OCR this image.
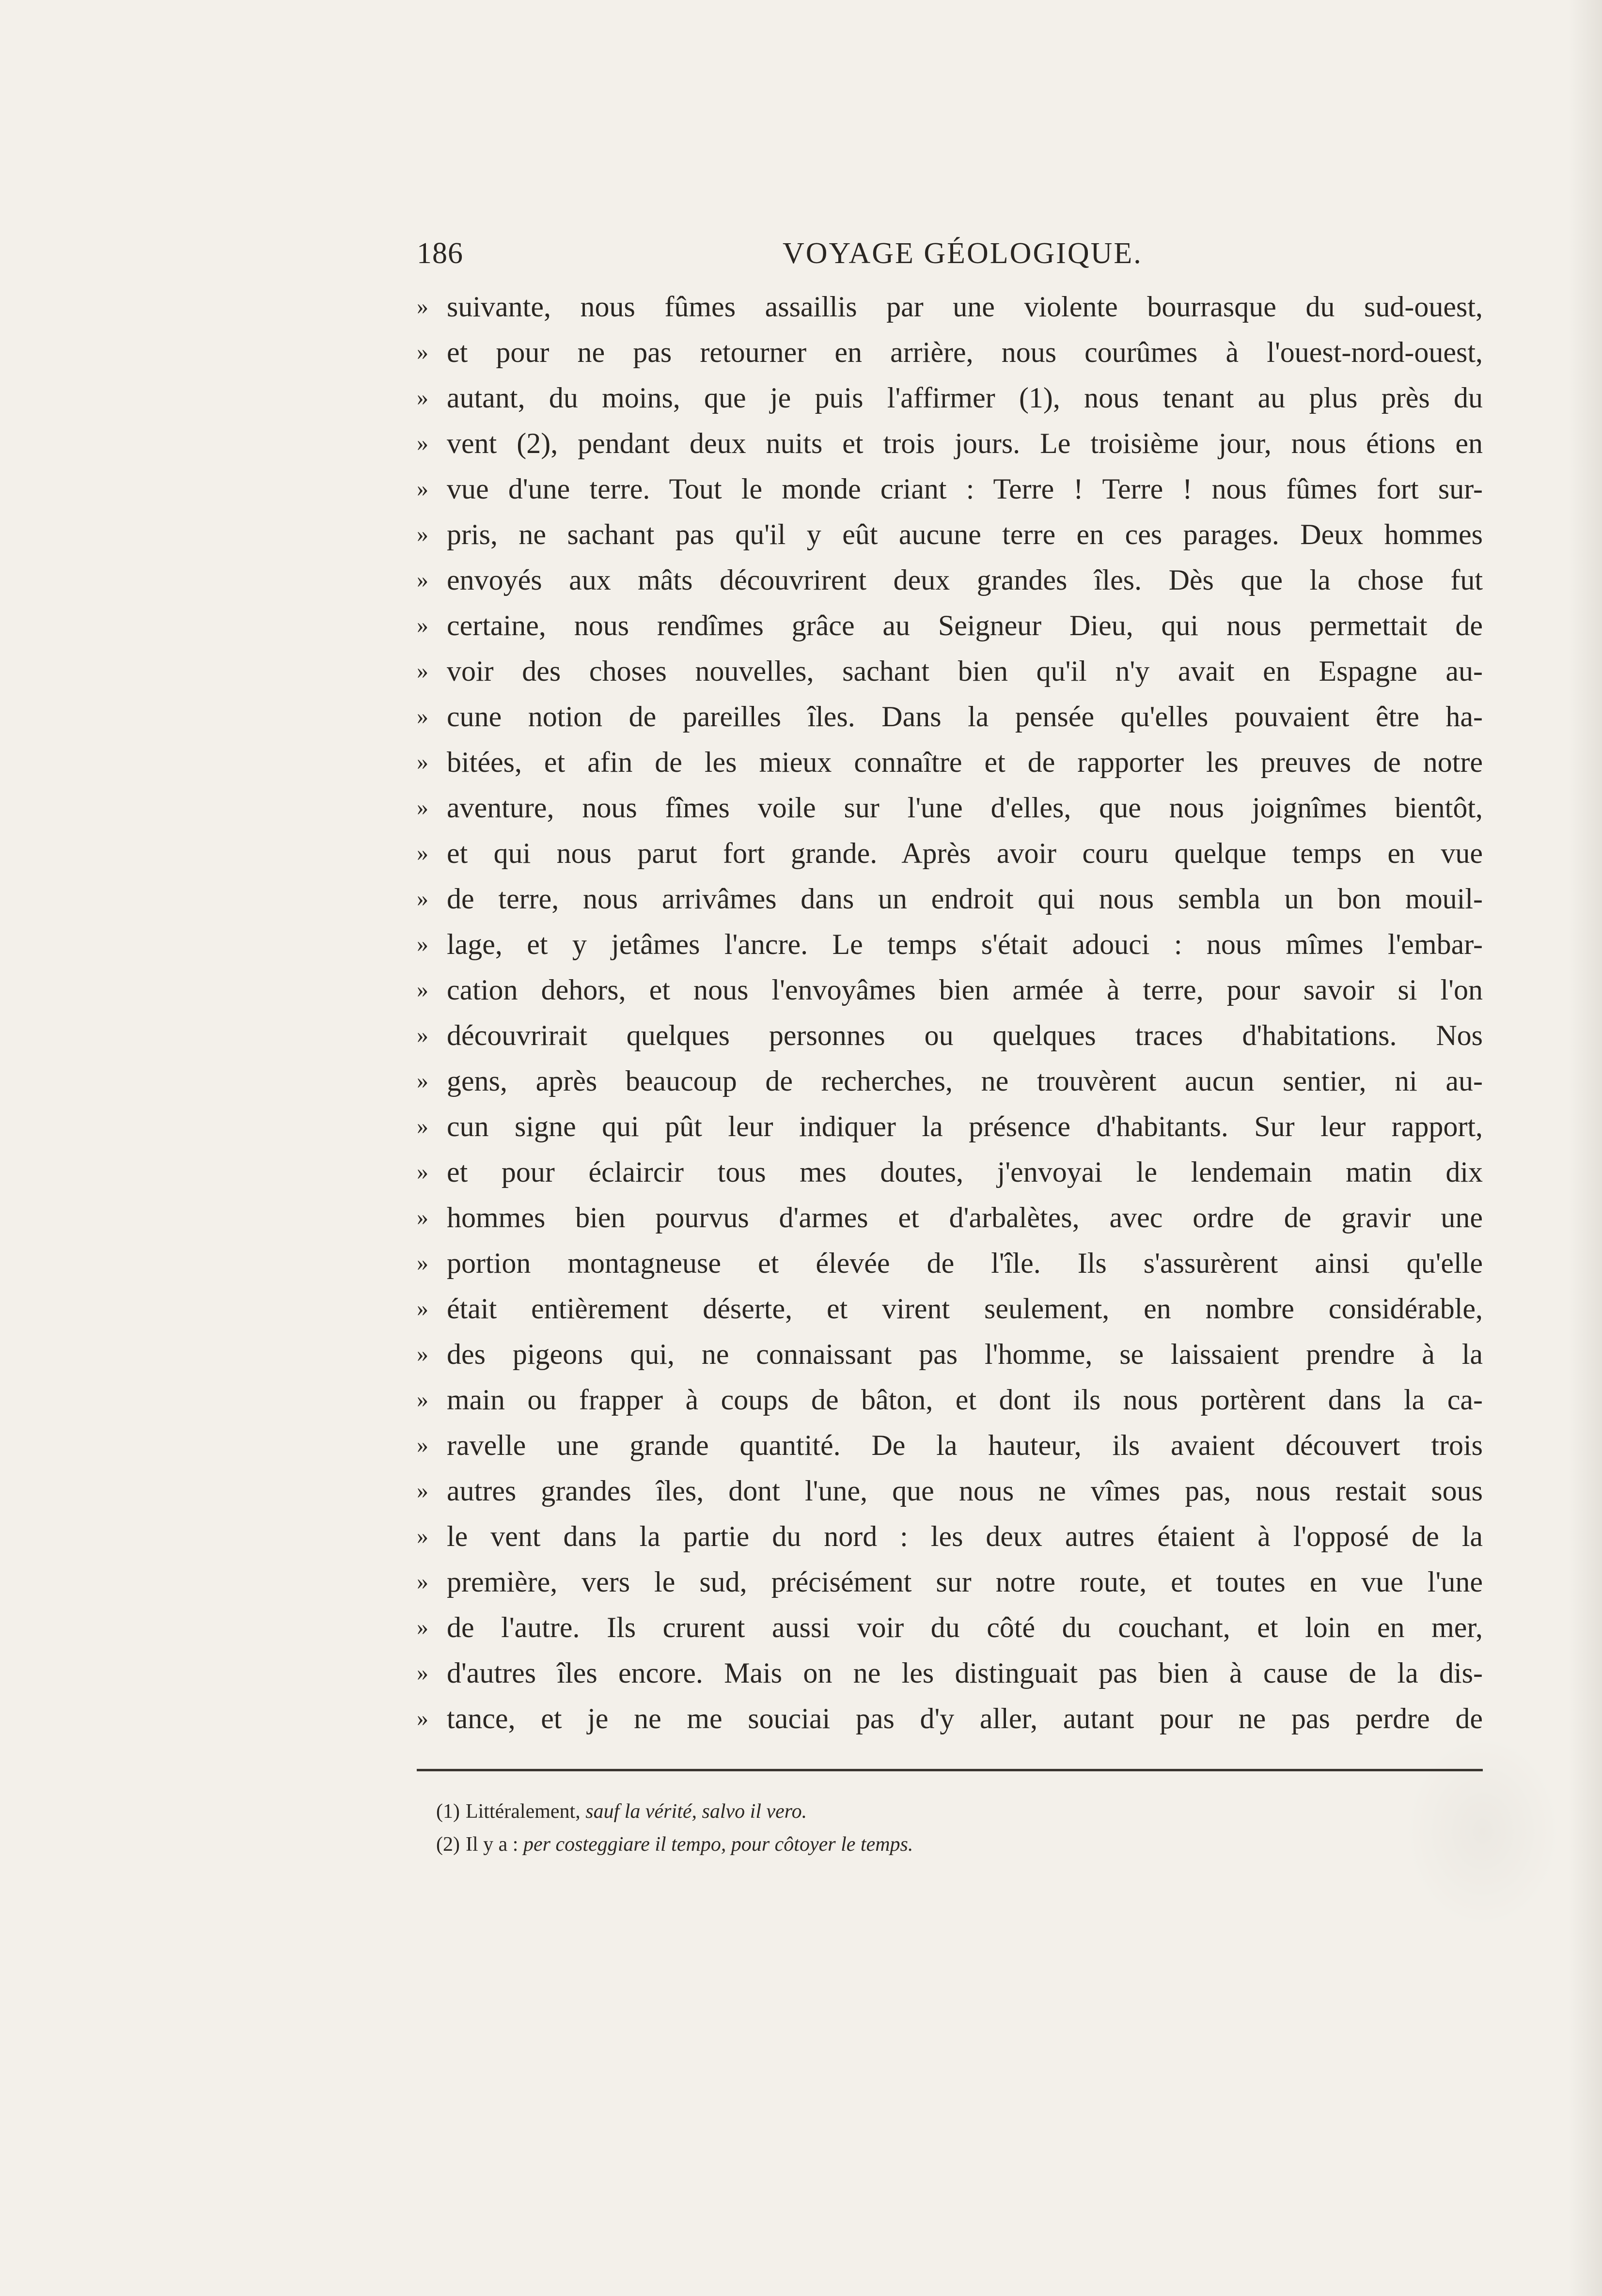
186	VOYAGE GÉOLOGIQUE.
» suivante, nous fûmes assaillis par une violente bourrasque du sud-ouest,
» et pour ne pas retourner en arrière, nous courûmes à l'ouest-nord-ouest,
» autant, du moins, que je puis l'affirmer (1), nous tenant au plus près du
» vent (2), pendant deux nuits et trois jours. Le troisième jour, nous étions en
» vue d'une terre. Tout le monde criant : Terre ! Terre ! nous fûmes fort sur-
» pris, ne sachant pas qu'il y eût aucune terre en ces parages. Deux hommes
» envoyés aux mâts découvrirent deux grandes îles. Dès que la chose fut
» certaine, nous rendîmes grâce au Seigneur Dieu, qui nous permettait de
» voir des choses nouvelles, sachant bien qu'il n'y avait en Espagne au-
» cune notion de pareilles îles. Dans la pensée qu'elles pouvaient être ha-
» bitées, et afin de les mieux connaître et de rapporter les preuves de notre
» aventure, nous fîmes voile sur l'une d'elles, que nous joignîmes bientôt,
» et qui nous parut fort grande. Après avoir couru quelque temps en vue
» de terre, nous arrivâmes dans un endroit qui nous sembla un bon mouil-
» lage, et y jetâmes l'ancre. Le temps s'était adouci : nous mîmes l'embar-
» cation dehors, et nous l'envoyâmes bien armée à terre, pour savoir si l'on
» découvrirait quelques personnes ou quelques traces d'habitations. Nos
» gens, après beaucoup de recherches, ne trouvèrent aucun sentier, ni au-
» cun signe qui pût leur indiquer la présence d'habitants. Sur leur rapport,
» et pour éclaircir tous mes doutes, j'envoyai le lendemain matin dix
» hommes bien pourvus d'armes et d'arbalètes, avec ordre de gravir une
» portion montagneuse et élevée de l'île. Ils s'assurèrent ainsi qu'elle
» était entièrement déserte, et virent seulement, en nombre considérable,
» des pigeons qui, ne connaissant pas l'homme, se laissaient prendre à la
» main ou frapper à coups de bâton, et dont ils nous portèrent dans la ca-
» ravelle une grande quantité. De la hauteur, ils avaient découvert trois
» autres grandes îles, dont l'une, que nous ne vîmes pas, nous restait sous
» le vent dans la partie du nord : les deux autres étaient à l'opposé de la
» première, vers le sud, précisément sur notre route, et toutes en vue l'une
» de l'autre. Ils crurent aussi voir du côté du couchant, et loin en mer,
» d'autres îles encore. Mais on ne les distinguait pas bien à cause de la dis-
» tance, et je ne me souciai pas d'y aller, autant pour ne pas perdre de
(1) Littéralement, sauf la vérité, salvo il vero.
(2) Il y a : per costeggiare il tempo, pour côtoyer le temps.
